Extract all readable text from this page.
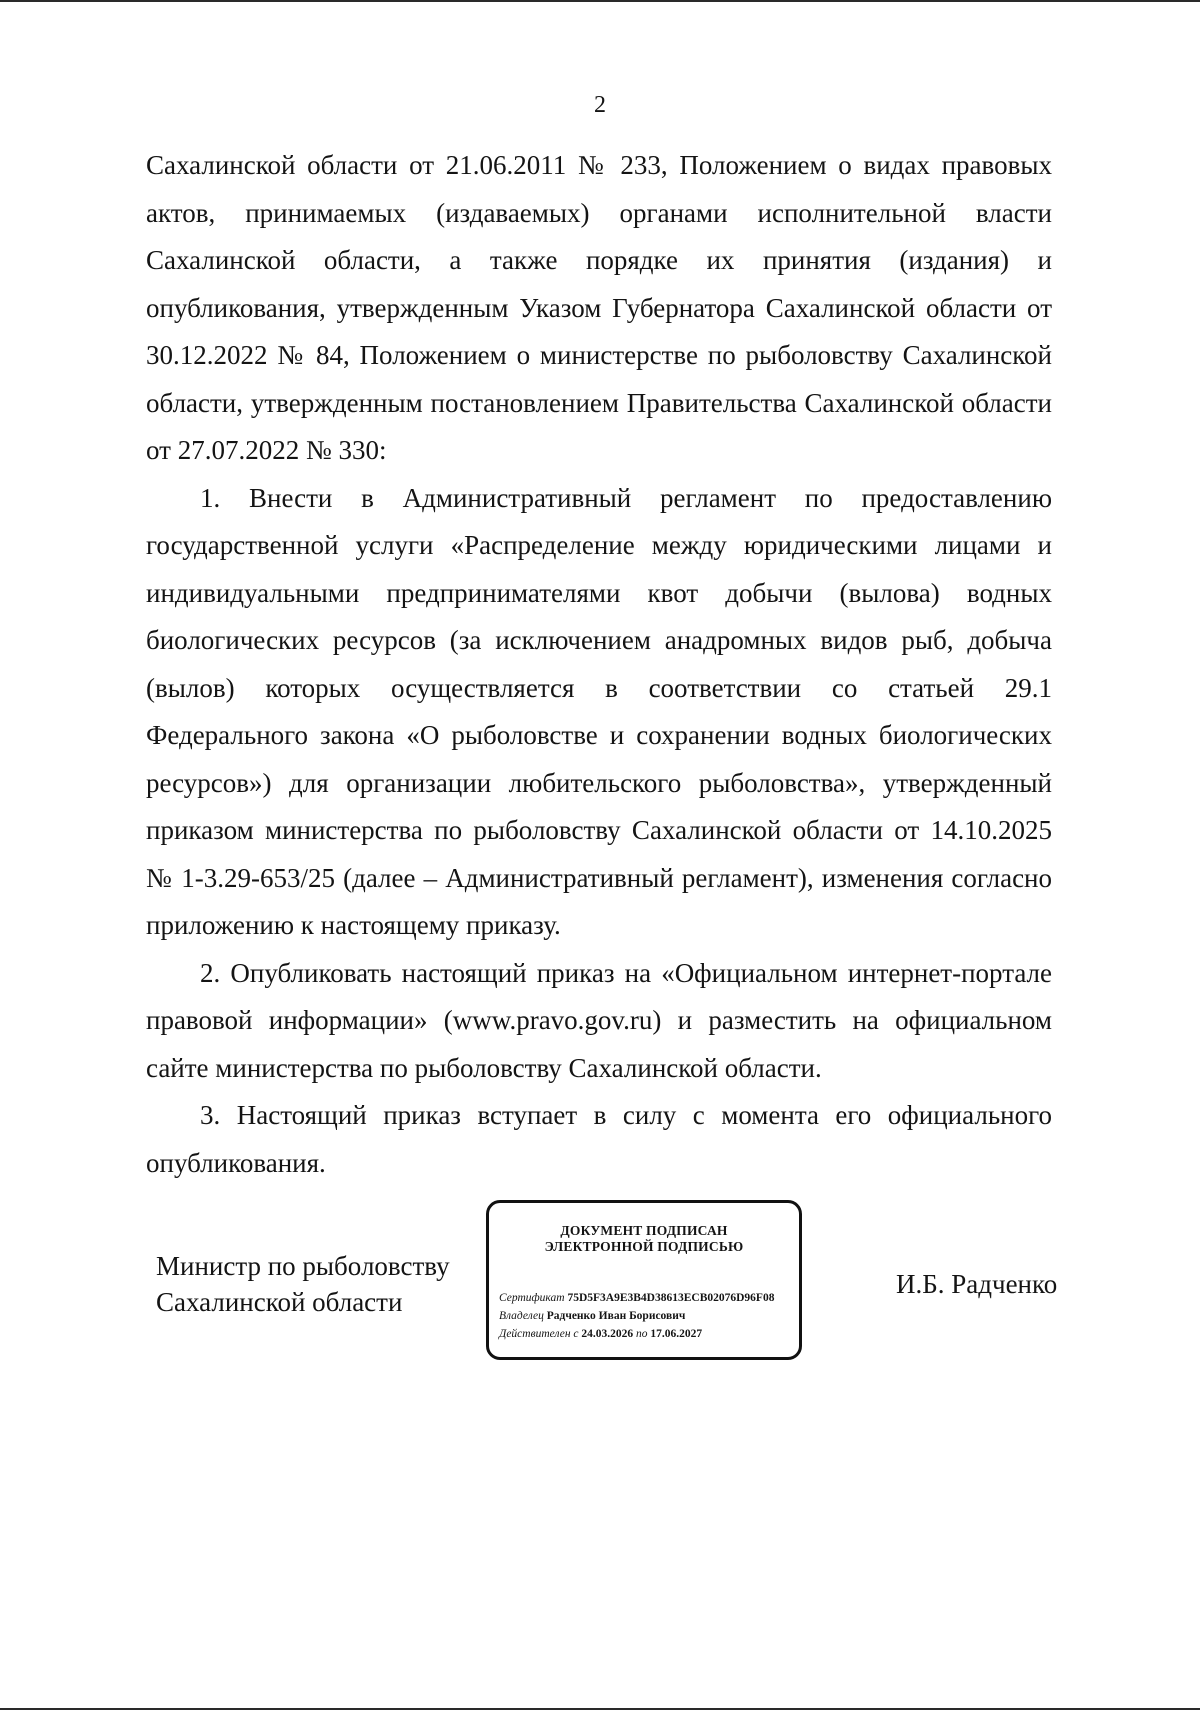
2

Сахалинской области от 21.06.2011 № 233, Положением о видах правовых актов, принимаемых (издаваемых) органами исполнительной власти Сахалинской области, а также порядке их принятия (издания) и опубликования, утвержденным Указом Губернатора Сахалинской области от 30.12.2022 № 84, Положением о министерстве по рыболовству Сахалинской области, утвержденным постановлением Правительства Сахалинской области от 27.07.2022 № 330:

1. Внести в Административный регламент по предоставлению государственной услуги «Распределение между юридическими лицами и индивидуальными предпринимателями квот добычи (вылова) водных биологических ресурсов (за исключением анадромных видов рыб, добыча (вылов) которых осуществляется в соответствии со статьей 29.1 Федерального закона «О рыболовстве и сохранении водных биологических ресурсов») для организации любительского рыболовства», утвержденный приказом министерства по рыболовству Сахалинской области от 14.10.2025 № 1-3.29-653/25 (далее – Административный регламент), изменения согласно приложению к настоящему приказу.

2. Опубликовать настоящий приказ на «Официальном интернет-портале правовой информации» (www.pravo.gov.ru) и разместить на официальном сайте министерства по рыболовству Сахалинской области.

3. Настоящий приказ вступает в силу с момента его официального опубликования.

Министр по рыболовству
Сахалинской области
ДОКУМЕНТ ПОДПИСАН
ЭЛЕКТРОННОЙ ПОДПИСЬЮ
Сертификат 75D5F3A9E3B4D38613ECB02076D96F08
Владелец Радченко Иван Борисович
Действителен с 24.03.2026 по 17.06.2027
И.Б. Радченко
